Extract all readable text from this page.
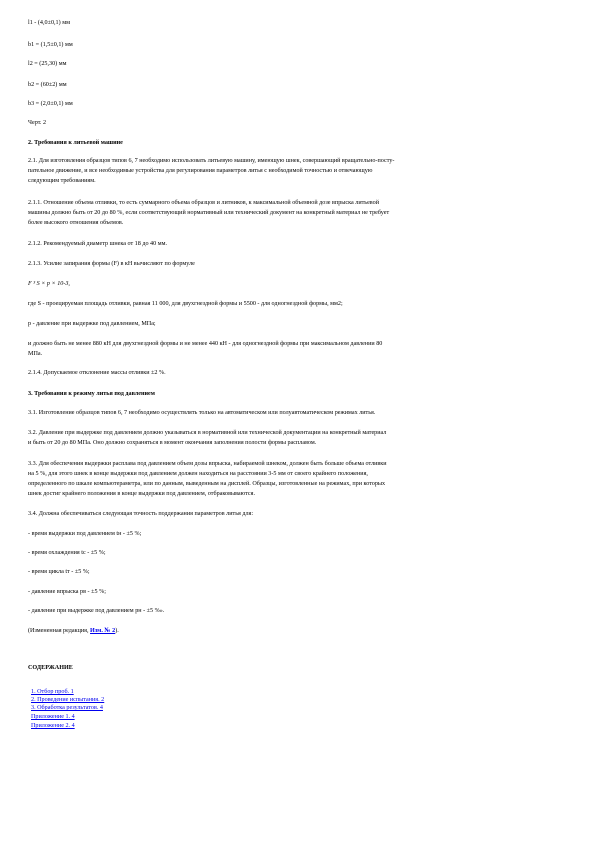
l1 - (4,0±0,1) мм
b1 = (1,5±0,1) мм
l2 = (25,30) мм
b2 = (60±2) мм
b3 = (2,0±0,1) мм
Черт. 2
2. Требования к литьевой машине
2.1. Для изготовления образцов типов 6, 7 необходимо использовать литьевую машину, имеющую шнек, совершающий вращательно-посту-
пательное движение, и все необходимые устройства для регулирования параметров литья с необходимой точностью и отвечающую
следующим требованиям.
2.1.1. Отношение объема отливки, то есть суммарного объема образцов и литников, к максимальной объемной дозе впрыска литьевой
машины должно быть от 20 до 80 %, если соответствующий нормативный или технический документ на конкретный материал не требует
более высокого отношения объемов.
2.1.2. Рекомендуемый диаметр шнека от 18 до 40 мм.
2.1.3. Усилие запирания формы (F) в кН вычисляют по формуле
F ³ S × p × 10-3,
где S - проецируемая площадь отливки, равная 11 000, для двухгнездной формы и 5500 - для одногнездной формы, мм2;
р - давление при выдержке под давлением, МПа;
и должно быть не менее 880 кН для двухгнездной формы и не менее 440 кН - для одногнездной формы при максимальном давлении 80
МПа.
2.1.4. Допускаемое отклонение массы отливки ±2 %.
3. Требования к режиму литья под давлением
3.1. Изготовление образцов типов 6, 7 необходимо осуществлять только на автоматическом или полуавтоматическом режимах литья.
3.2. Давление при выдержке под давлением должно указываться в нормативной или технической документации на конкретный материал
и быть от 20 до 80 МПа. Оно должно сохраняться в момент окончания заполнения полости формы расплавом.
3.3. Для обеспечения выдержки расплава под давлением объем дозы впрыска, набираемой шнеком, должен быть больше объема отливки
на 5 %, для этого шнек в конце выдержки под давлением должен находиться на расстоянии 3-5 мм от своего крайнего положения,
определенного по шкале компьютераметра, или по данным, выведенным на дисплей. Образцы, изготовленные на режимах, при которых
шнек достиг крайнего положения в конце выдержки под давлением, отбраковываются.
3.4. Должна обеспечиваться следующая точность поддержания параметров литья для:
- время выдержки под давлением tн - ±5 %;
- время охлаждения tc - ±5 %;
- время цикла tт - ±5 %;
- давление впрыска pв - ±5 %;
- давление при выдержке под давлением pн - ±5 %».
(Измененная редакция, Изм. № 2).
СОДЕРЖАНИЕ
1. Отбор проб. 1
2. Проведение испытания. 2
3. Обработка результатов. 4
Приложение 1. 4
Приложение 2. 4
